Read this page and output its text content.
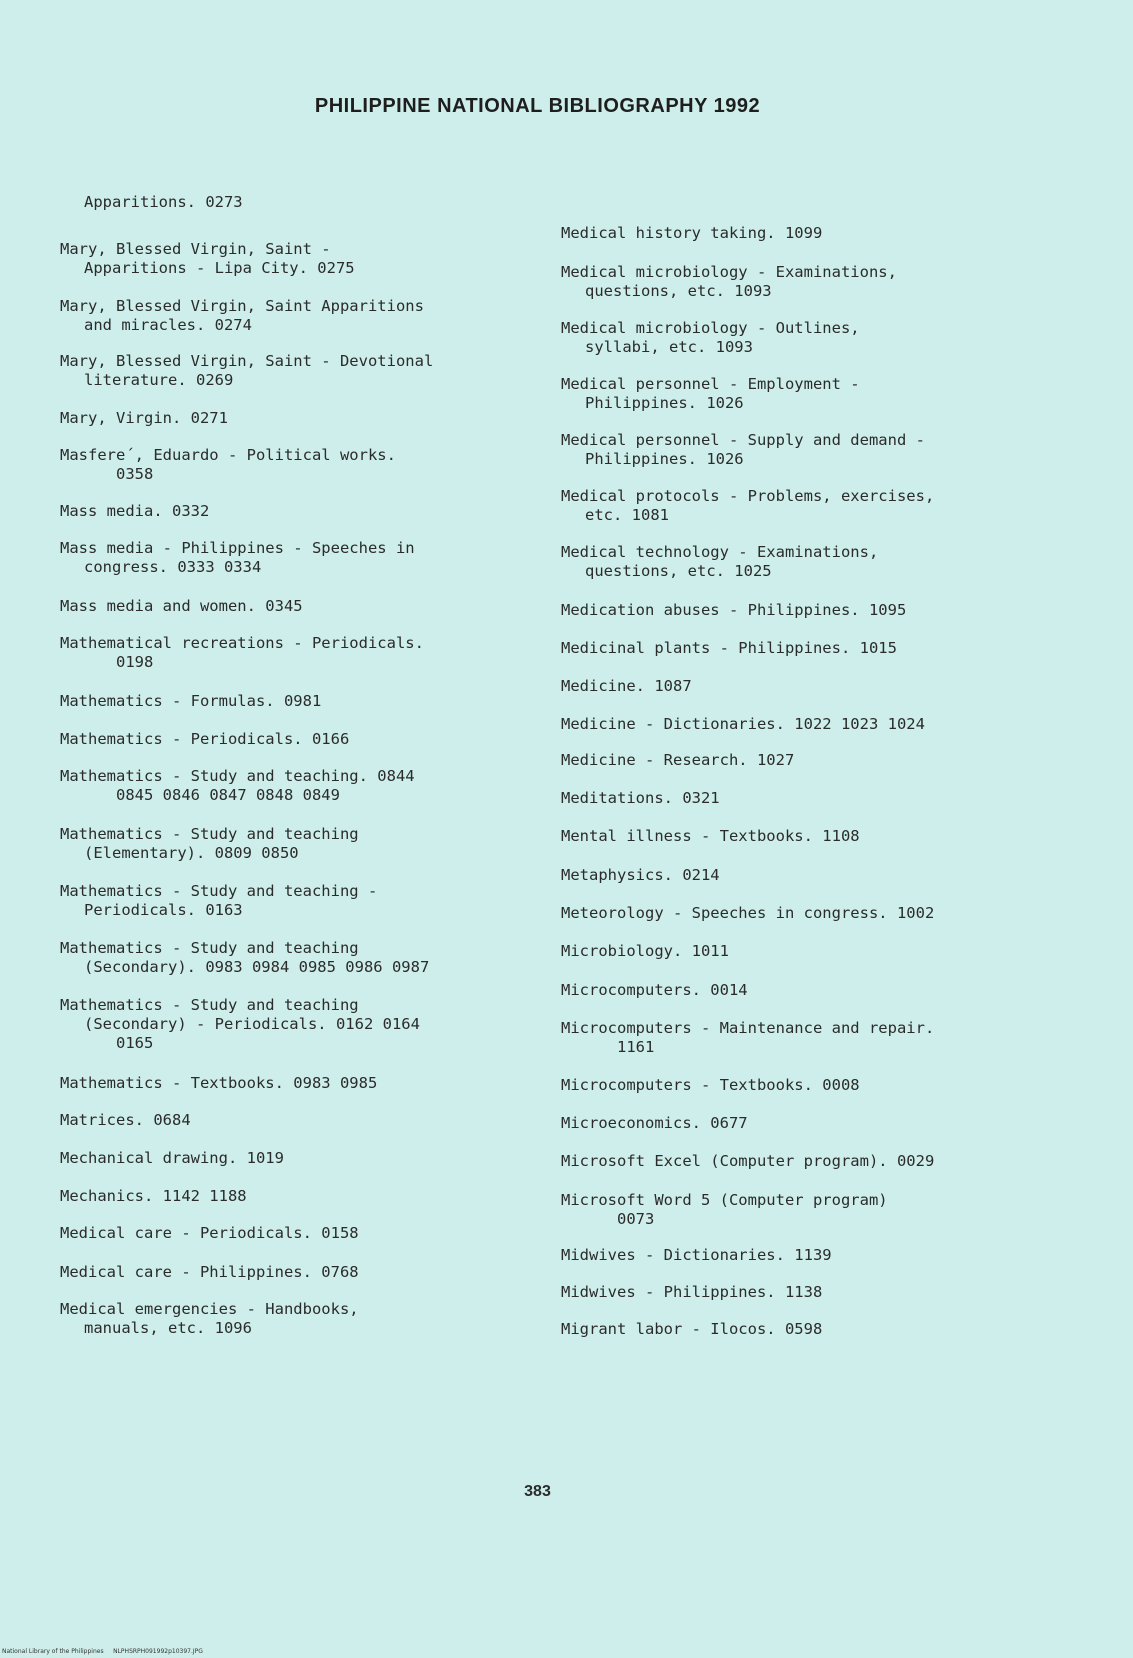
PHILIPPINE NATIONAL BIBLIOGRAPHY 1992
Apparitions. 0273
Mary, Blessed Virgin, Saint -
Apparitions - Lipa City. 0275
Mary, Blessed Virgin, Saint Apparitions
and miracles. 0274
Mary, Blessed Virgin, Saint - Devotional
literature. 0269
Mary, Virgin. 0271
Masfere´, Eduardo - Political works.
0358
Mass media. 0332
Mass media - Philippines - Speeches in
congress. 0333 0334
Mass media and women. 0345
Mathematical recreations - Periodicals.
0198
Mathematics - Formulas. 0981
Mathematics - Periodicals. 0166
Mathematics - Study and teaching. 0844
0845 0846 0847 0848 0849
Mathematics - Study and teaching
(Elementary). 0809 0850
Mathematics - Study and teaching -
Periodicals. 0163
Mathematics - Study and teaching
(Secondary). 0983 0984 0985 0986 0987
Mathematics - Study and teaching
(Secondary) - Periodicals. 0162 0164
0165
Mathematics - Textbooks. 0983 0985
Matrices. 0684
Mechanical drawing. 1019
Mechanics. 1142 1188
Medical care - Periodicals. 0158
Medical care - Philippines. 0768
Medical emergencies - Handbooks,
manuals, etc. 1096
Medical history taking. 1099
Medical microbiology - Examinations,
questions, etc. 1093
Medical microbiology - Outlines,
syllabi, etc. 1093
Medical personnel - Employment -
Philippines. 1026
Medical personnel - Supply and demand -
Philippines. 1026
Medical protocols - Problems, exercises,
etc. 1081
Medical technology - Examinations,
questions, etc. 1025
Medication abuses - Philippines. 1095
Medicinal plants - Philippines. 1015
Medicine. 1087
Medicine - Dictionaries. 1022 1023 1024
Medicine - Research. 1027
Meditations. 0321
Mental illness - Textbooks. 1108
Metaphysics. 0214
Meteorology - Speeches in congress. 1002
Microbiology. 1011
Microcomputers. 0014
Microcomputers - Maintenance and repair.
1161
Microcomputers - Textbooks. 0008
Microeconomics. 0677
Microsoft Excel (Computer program). 0029
Microsoft Word 5 (Computer program)
0073
Midwives - Dictionaries. 1139
Midwives - Philippines. 1138
Migrant labor - Ilocos. 0598
383
National Library of the Philippines     NLPHSRPH091992p10397.JPG
